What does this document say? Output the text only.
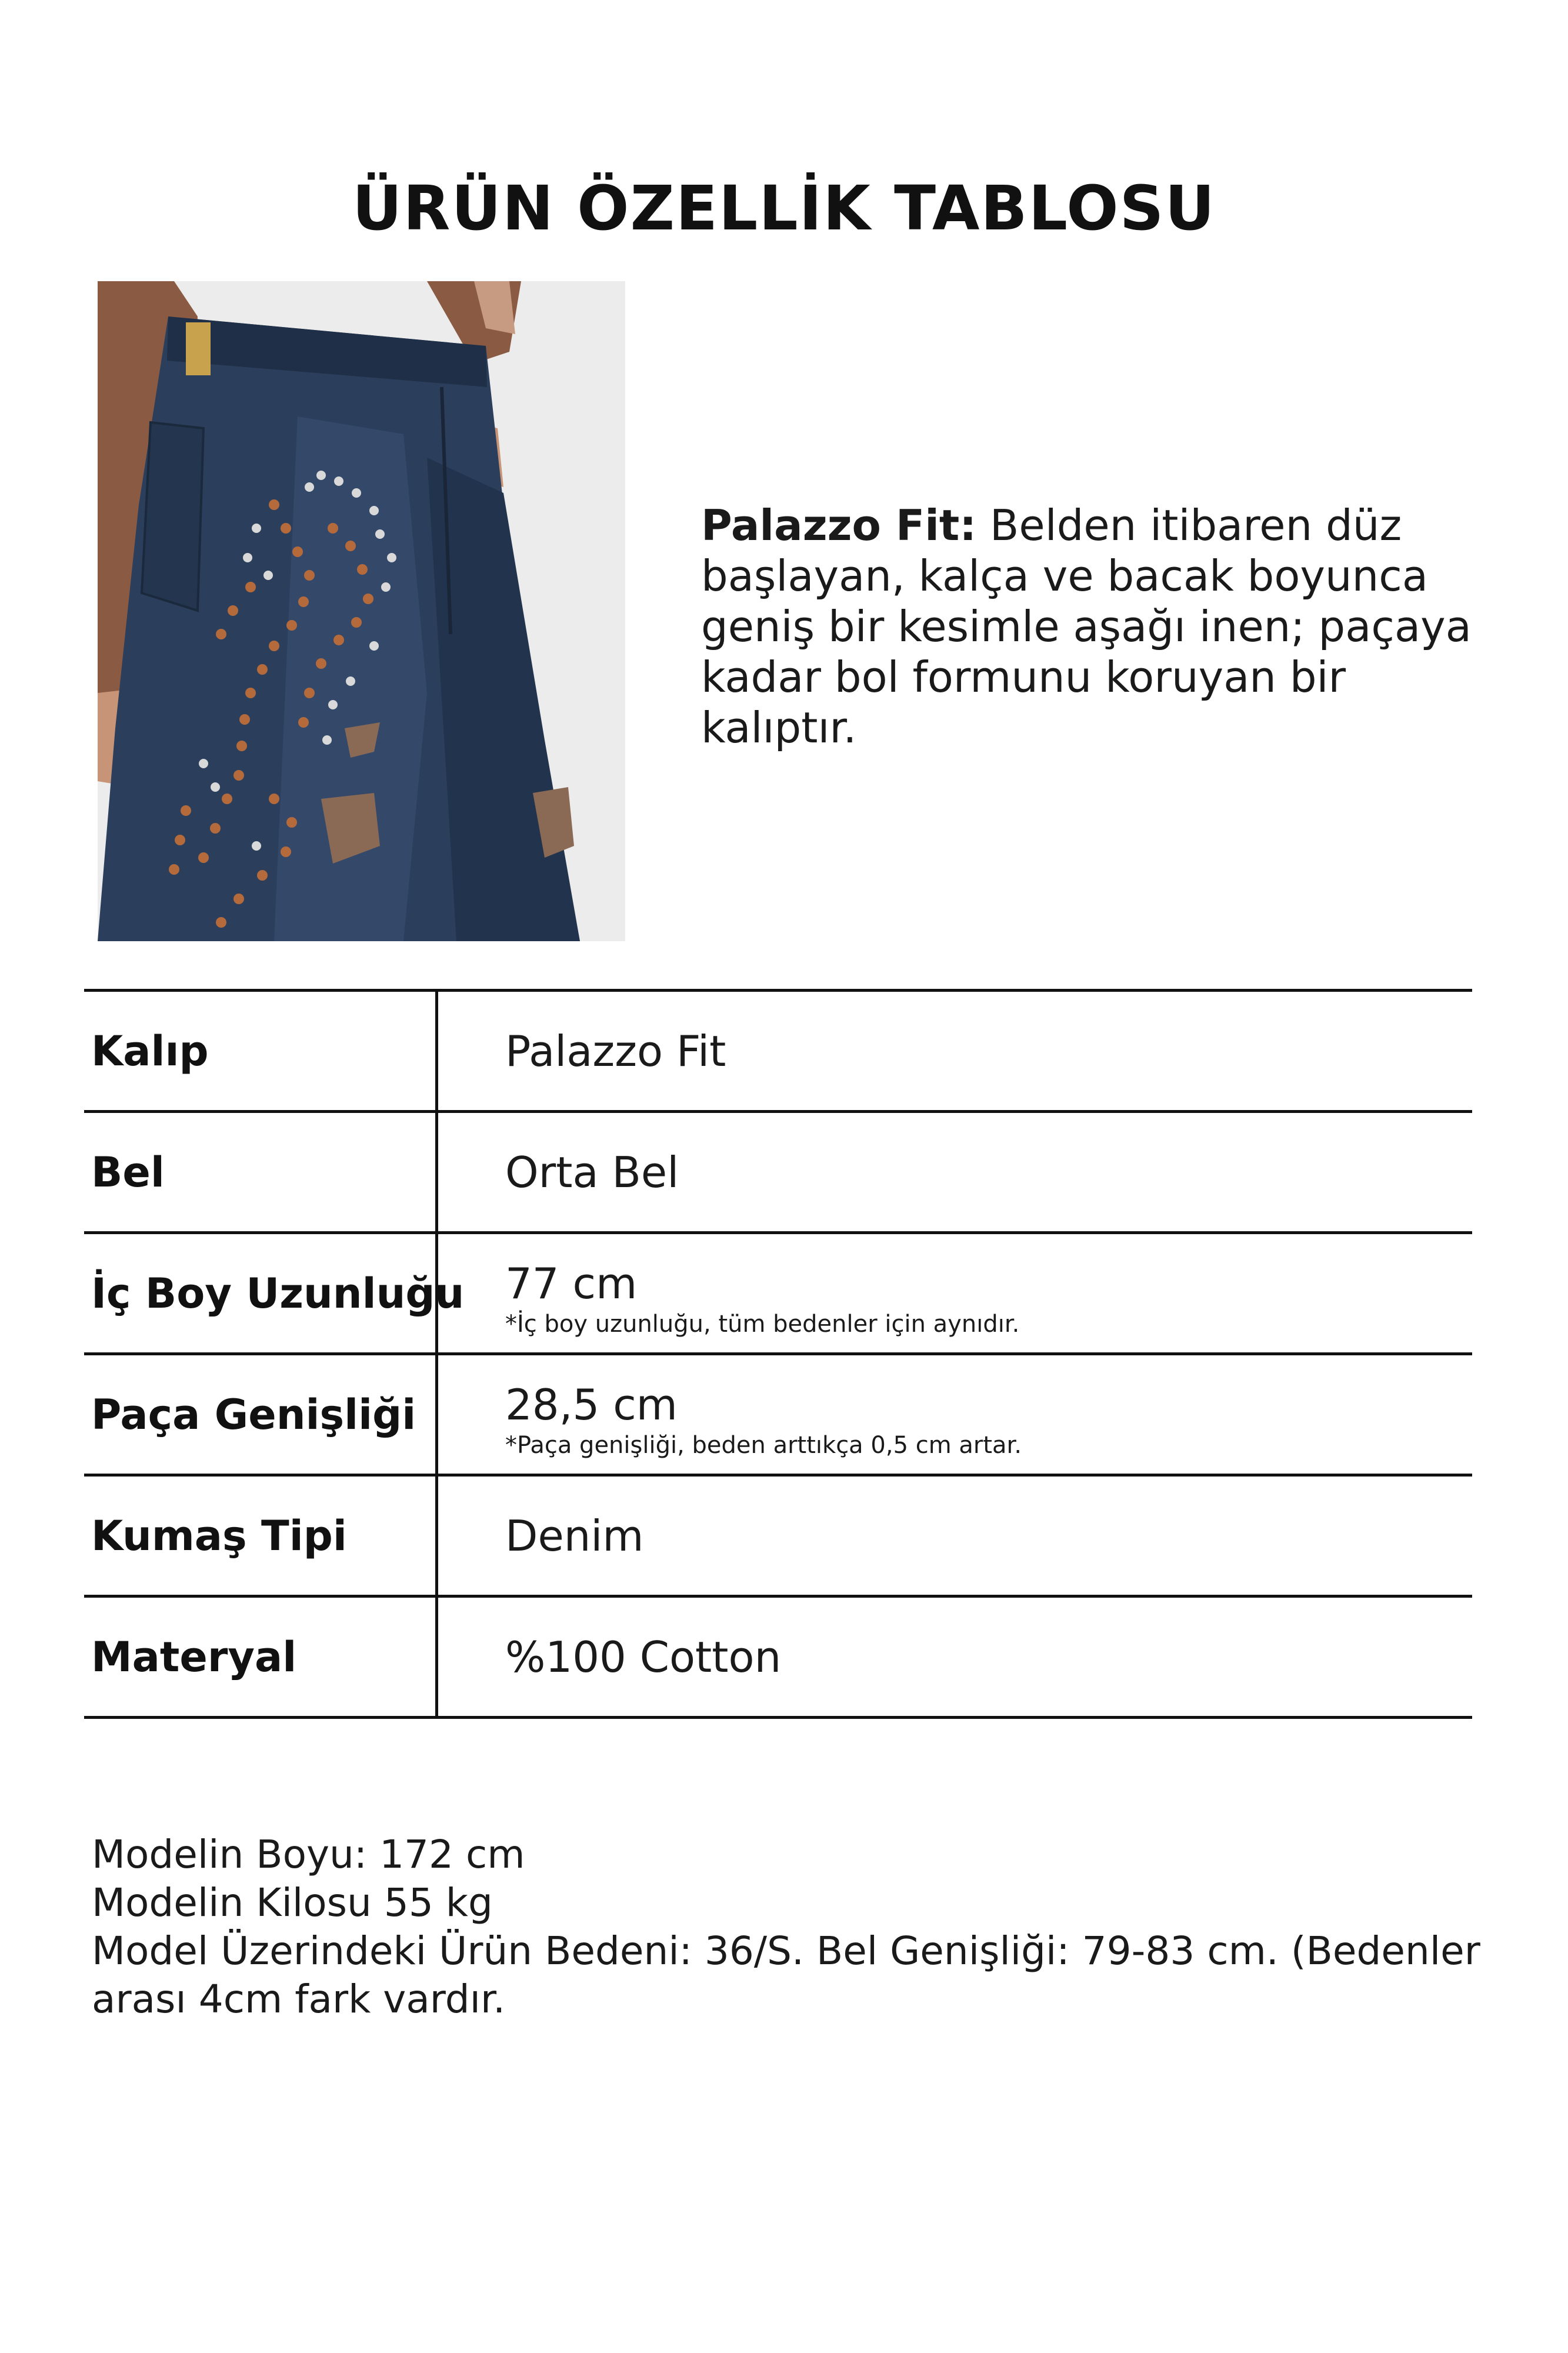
ÜRÜN ÖZELLİK TABLOSU
Palazzo Fit: Belden itibaren düz başlayan, kalça ve bacak boyunca geniş bir kesimle aşağı inen; paçaya kadar bol formunu koruyan bir kalıptır.
Kalıp	Palazzo Fit
Bel	Orta Bel
İç Boy Uzunluğu 77 cm
*İç boy uzunluğu, tüm bedenler için aynıdır.
Paça Genişliği 28,5 cm
*Paça genişliği, beden arttıkça 0,5 cm artar.
Kumaş Tipi	Denim
Materyal	%100 Cotton
Modelin Boyu: 172 cm
Modelin Kilosu 55 kg
Model Üzerindeki Ürün Bedeni: 36/S. Bel Genişliği: 79-83 cm. (Bedenler
arası 4cm fark vardır.
